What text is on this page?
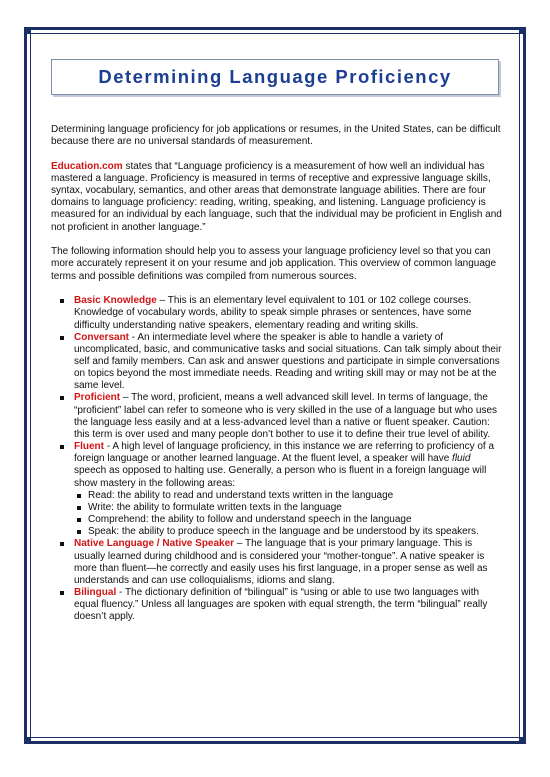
Determining Language Proficiency

Determining language proficiency for job applications or resumes, in the United States, can be difficult because there are no universal standards of measurement.

Education.com states that “Language proficiency is a measurement of how well an individual has mastered a language. Proficiency is measured in terms of receptive and expressive language skills, syntax, vocabulary, semantics, and other areas that demonstrate language abilities. There are four domains to language proficiency: reading, writing, speaking, and listening. Language proficiency is measured for an individual by each language, such that the individual may be proficient in English and not proficient in another language.”

The following information should help you to assess your language proficiency level so that you can more accurately represent it on your resume and job application. This overview of common language terms and possible definitions was compiled from numerous sources.

Basic Knowledge – This is an elementary level equivalent to 101 or 102 college courses. Knowledge of vocabulary words, ability to speak simple phrases or sentences, have some difficulty understanding native speakers, elementary reading and writing skills.
Conversant - An intermediate level where the speaker is able to handle a variety of uncomplicated, basic, and communicative tasks and social situations. Can talk simply about their self and family members. Can ask and answer questions and participate in simple conversations on topics beyond the most immediate needs. Reading and writing skill may or may not be at the same level.
Proficient – The word, proficient, means a well advanced skill level. In terms of language, the “proficient” label can refer to someone who is very skilled in the use of a language but who uses the language less easily and at a less-advanced level than a native or fluent speaker. Caution: this term is over used and many people don’t bother to use it to define their true level of ability.
Fluent - A high level of language proficiency, in this instance we are referring to proficiency of a foreign language or another learned language. At the fluent level, a speaker will have fluid speech as opposed to halting use. Generally, a person who is fluent in a foreign language will show mastery in the following areas:
Read: the ability to read and understand texts written in the language
Write: the ability to formulate written texts in the language
Comprehend: the ability to follow and understand speech in the language
Speak: the ability to produce speech in the language and be understood by its speakers.
Native Language / Native Speaker – The language that is your primary language. This is usually learned during childhood and is considered your “mother-tongue”. A native speaker is more than fluent—he correctly and easily uses his first language, in a proper sense as well as understands and can use colloquialisms, idioms and slang.
Bilingual - The dictionary definition of “bilingual” is “using or able to use two languages with equal fluency.” Unless all languages are spoken with equal strength, the term “bilingual” really doesn’t apply.
